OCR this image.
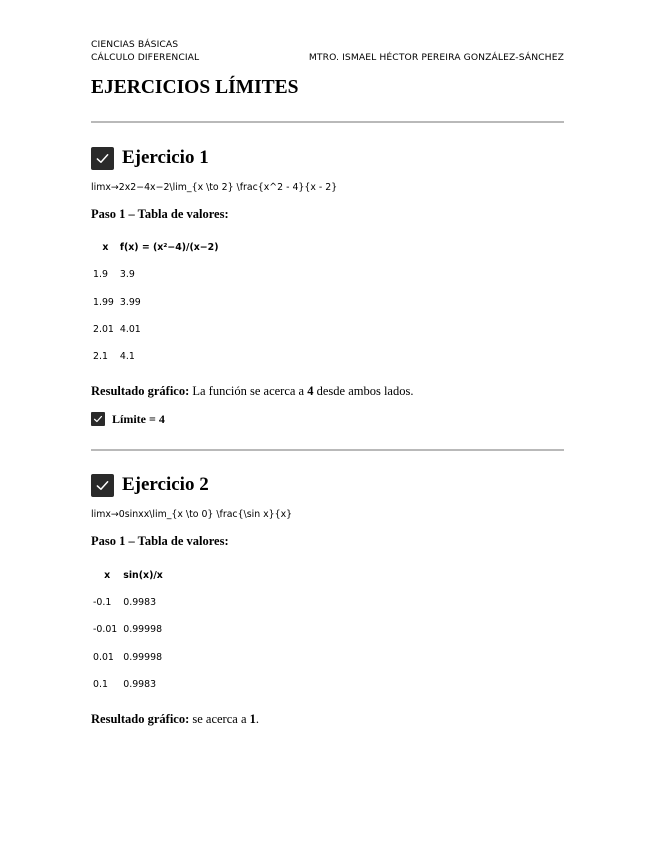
CIENCIAS BÁSICAS
CÁLCULO DIFERENCIAL	MTRO. ISMAEL HÉCTOR PEREIRA GONZÁLEZ-SÁNCHEZ
EJERCICIOS LÍMITES
Ejercicio 1
lim⁡x→2x2−4x−2\lim_{x \to 2} \frac{x^2 - 4}{x - 2}
Paso 1 – Tabla de valores:
x	f(x) = (x²−4)/(x−2)
1.9	3.9
1.99	3.99
2.01	4.01
2.1	4.1
Resultado gráfico: La función se acerca a 4 desde ambos lados.
Límite = 4
Ejercicio 2
lim⁡x→0sin⁡xx\lim_{x \to 0} \frac{\sin x}{x}
Paso 1 – Tabla de valores:
x	sin(x)/x
-0.1	0.9983
-0.01	0.99998
0.01	0.99998
0.1	0.9983
Resultado gráfico: se acerca a 1.
